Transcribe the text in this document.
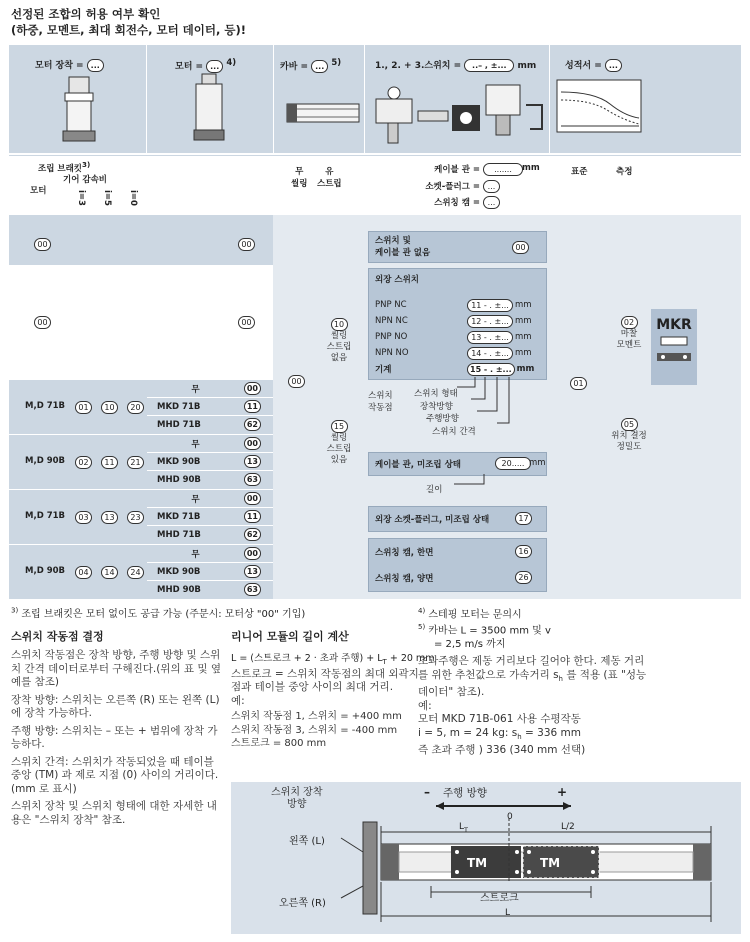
선정된 조합의 허용 여부 확인
(하중, 모멘트, 최대 회전수, 모터 데이터, 등)!
모터 장착 = ...	모터 = ... $^{4)}$	카바 = ... $^{5)}$	1., 2. + 3.스위치 = ..– , ±... mm	성적서 = ...
조립 브래킷$^{3)}$
기어 감속비
모터	i=3 i=5 i=0
무
씰링
유
스트립
케이블 관 =	.......	mm
소켓-플러그 = ...
스위칭 캠 = ...
표준	측정
00	00
00	00
M,D 71B	01	10	20
무	00
MKD 71B	11
MHD 71B	62
M,D 90B	02	11	21
무	00
MKD 90B	13
MHD 90B	63
M,D 71B	03	13	23
무	00
MKD 71B	11
MHD 71B	62
M,D 90B	04	14	24
무	00
MKD 90B	13
MHD 90B	63
00
10
씰링
스트립
없음
15
씰링
스트립
있음
스위치 및
케이블 관 없음
00
외장 스위치
PNP NC	11 - . ±... mm
NPN NC	12 - . ±... mm
PNP NO	13 - . ±... mm
NPN NO	14 - . ±... mm
기계	15 - . ±... mm
스위치
작동점
스위치 형태
장착방향
주행방향
스위치 간격
케이블 관, 미조립 상태	20..... mm
길이
외장 소켓-플러그, 미조립 상태	17
스위칭 캠, 한면	16
스위칭 캠, 양면	26
01
02
마찰
모멘트
05
위치 결정
정밀도
MKR
$^{3)}$ 조립 브래킷은 모터 없이도 공급 가능 (주문시: 모터상 "00" 기입)	$^{4)}$ 스테핑 모터는 문의시
$^{5)}$ 카바는 L = 3500 mm 및 v
= 2,5 m/s 까지
스위치 작동점 결정
스위치 작동점은 장착 방향, 주행 방향 및 스위치 간격 데이터로부터 구해진다.(위의 표 및 옆 예를 참조)
장착 방향: 스위치는 오른쪽 (R) 또는 왼쪽 (L) 에 장착 가능하다.
주행 방향: 스위치는 – 또는 + 범위에 장착 가능하다.
스위치 간격: 스위치가 작동되었을 때 테이블 중앙 (TM) 과 제로 지점 (0) 사이의 거리이다. (mm 로 표시)
스위치 장착 및 스위치 형태에 대한 자세한 내용은 "스위치 장착" 참조.
리니어 모듈의 길이 계산
L = (스트로크 + 2 · 초과 주행) + $L_T + 20$ mm
스트로크 = 스위치 작동점의 최대 외곽지점과 테이블 중앙 사이의 최대 거리.
예:
스위치 작동점 1, 스위치 = +400 mm
스위치 작동점 3, 스위치 = -400 mm
스트로크 = 800 mm
초과주행은 제동 거리보다 길어야 한다. 제동 거리를 위한 추천값으로 가속거리 $s_h$ 를 적용 (표 "성능 데이터" 참조).
예:
모터 MKD 71B-061 사용 수평작동
i = 5, m = 24 kg: $s_h = 336$ mm
즉 초과 주행 ) 336 (340 mm 선택)
스위치 장착
방향
주행 방향
–	+
왼쪽 (L)
오른쪽 (R)
$L_T$
0
L/2
TM	TM
스트로크
L
